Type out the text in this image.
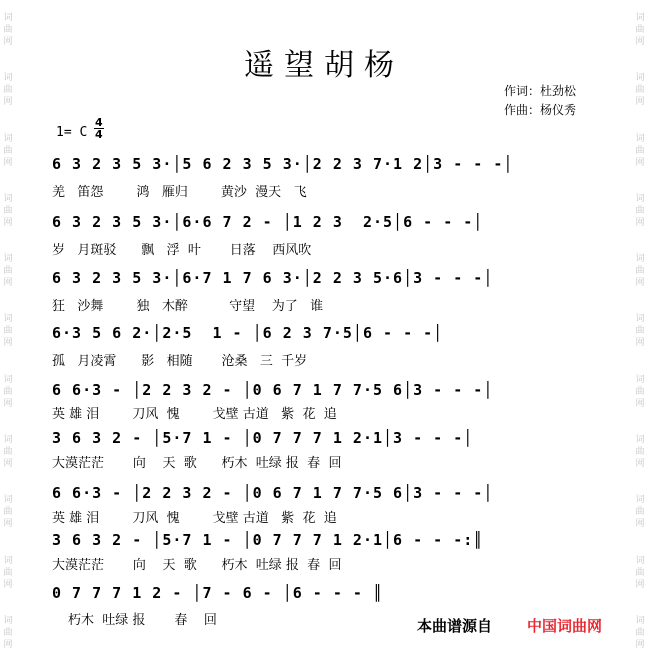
词
曲
网
词
曲
网
词
曲
网
词
曲
网
词
曲
网
词
曲
网
词
曲
网
词
曲
网
词
曲
网
词
曲
网
词
曲
网
词
曲
网
词
曲
网
词
曲
网
词
曲
网
词
曲
网
词
曲
网
词
曲
网
词
曲
网
词
曲
网
词
曲
网
词
曲
网
遥望胡杨
作词：杜劲松
作曲：杨仪秀
1= C
4
4
6 3 2 3 5 3·│5 6 2 3 5 3·│2 2 3 7·1 2│3 - - -│
羌   笛怨        鸿   雁归        黄沙  漫天   飞
6 3 2 3 5 3·│6·6 7 2 - │1 2 3  2·5│6 - - -│
岁   月斑驳      飘   浮  叶       日落    西风吹
6 3 2 3 5 3·│6·7 1 7 6 3·│2 2 3 5·6│3 - - -│
狂   沙舞        独   木醉          守望    为了   谁
6·3 5 6 2·│2·5  1 - │6 2 3 7·5│6 - - -│
孤   月凌霄      影   相随       沧桑   三  千岁
6 6·3 - │2 2 3 2 - │0 6 7 1 7 7·5 6│3 - - -│
英 雄 泪        刀风  愧        戈壁 古道   紫  花  追
3 6 3 2 - │5·7 1 - │0 7 7 7 1 2·1│3 - - -│
大漠茫茫       向    天  歌      朽木  吐绿 报  春  回
6 6·3 - │2 2 3 2 - │0 6 7 1 7 7·5 6│3 - - -│
英 雄 泪        刀风  愧        戈壁 古道   紫  花  追
3 6 3 2 - │5·7 1 - │0 7 7 7 1 2·1│6 - - -:║
大漠茫茫       向    天  歌      朽木  吐绿 报  春  回
0 7 7 7 1 2 - │7 - 6 - │6 - - - ║
朽木  吐绿 报       春    回	本曲谱源自 中国词曲网
